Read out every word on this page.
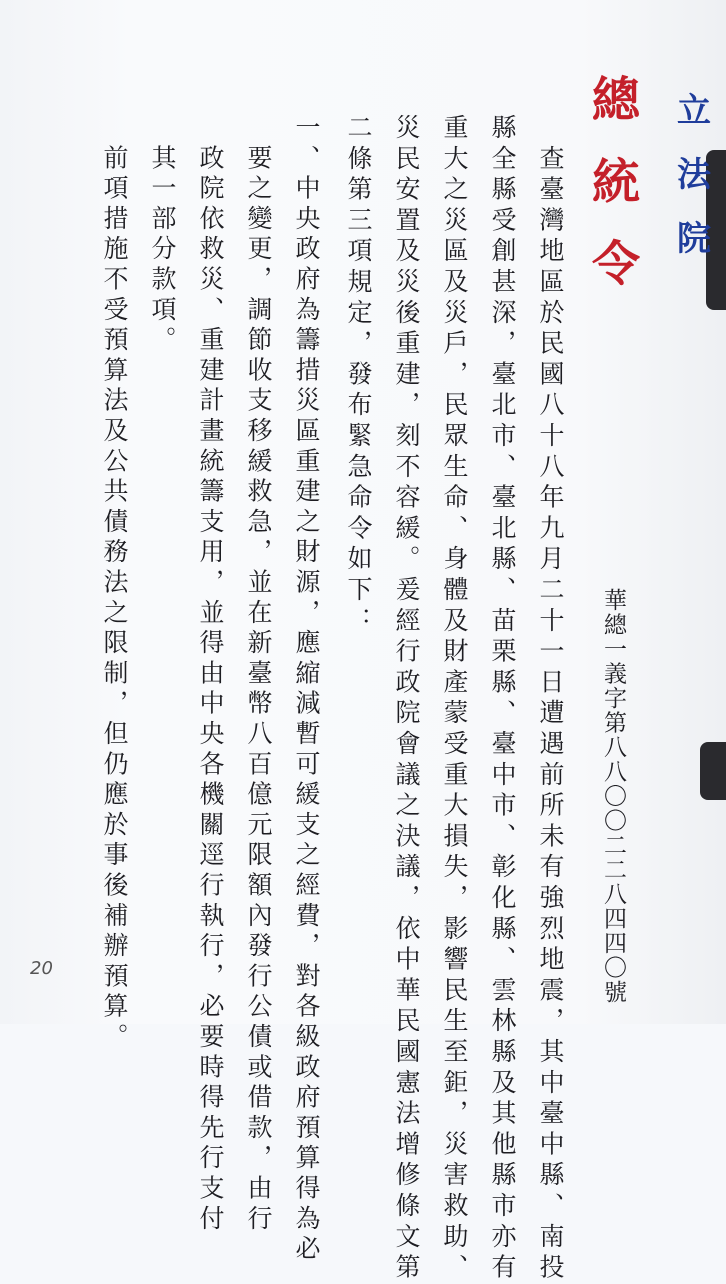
立
法
院
總
統
令
華總一義字第八八〇〇二二八四四〇號
　查臺灣地區於民國八十八年九月二十一日遭遇前所未有強烈地震，其中臺中縣、南投
縣全縣受創甚深，臺北市、臺北縣、苗栗縣、臺中市、彰化縣、雲林縣及其他縣市亦有
重大之災區及災戶，民眾生命、身體及財產蒙受重大損失，影響民生至鉅，災害救助、
災民安置及災後重建，刻不容緩。爰經行政院會議之決議，依中華民國憲法增修條文第
二條第三項規定，發布緊急命令如下：
一、中央政府為籌措災區重建之財源，應縮減暫可緩支之經費，對各級政府預算得為必
　要之變更，調節收支移緩救急，並在新臺幣八百億元限額內發行公債或借款，由行
　政院依救災、重建計畫統籌支用，並得由中央各機關逕行執行，必要時得先行支付
　其一部分款項。
　前項措施不受預算法及公共債務法之限制，但仍應於事後補辦預算。
20
